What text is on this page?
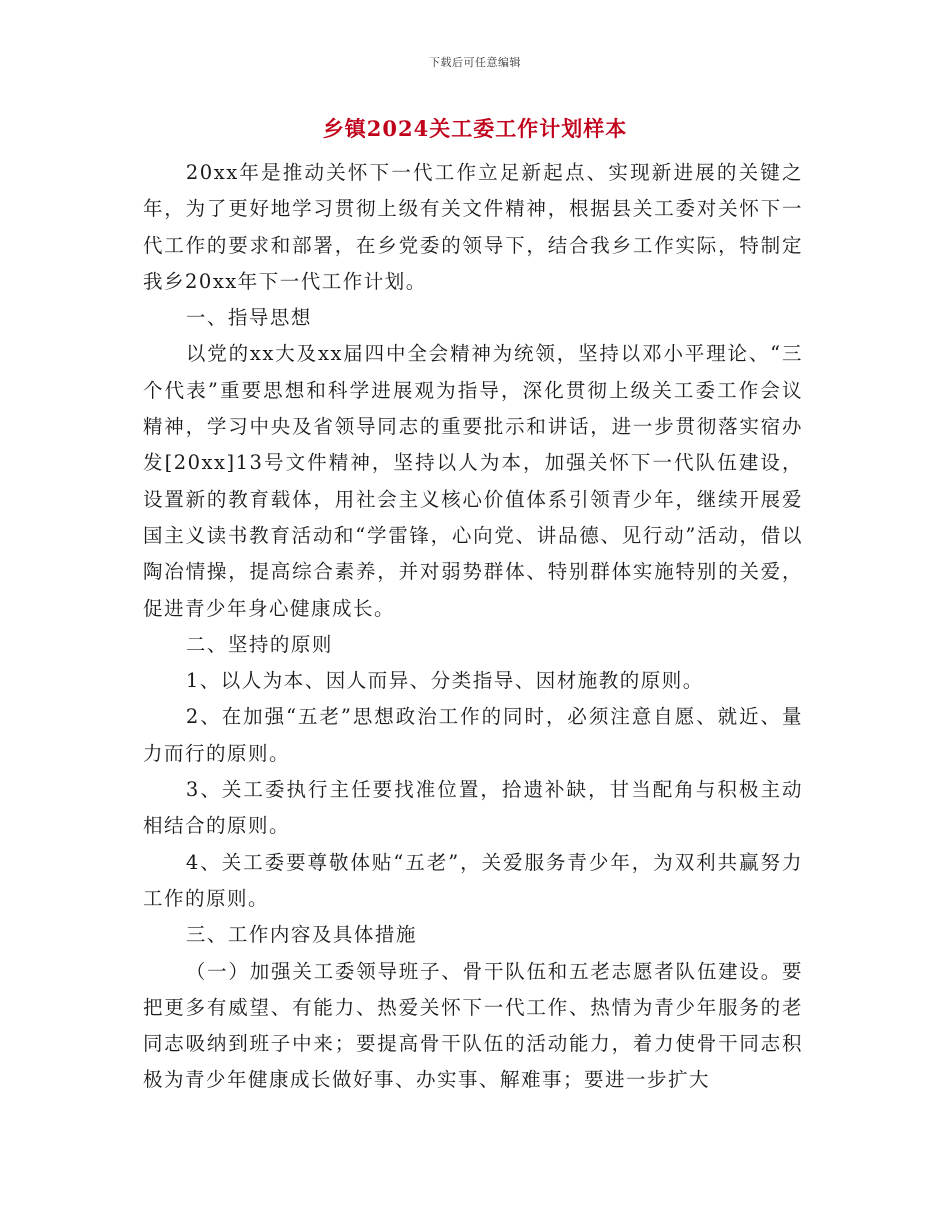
下载后可任意编辑
乡镇2024关工委工作计划样本

20xx年是推动关怀下一代工作立足新起点、实现新进展的关键之年，为了更好地学习贯彻上级有关文件精神，根据县关工委对关怀下一代工作的要求和部署，在乡党委的领导下，结合我乡工作实际，特制定我乡20xx年下一代工作计划。

一、指导思想

以党的xx大及xx届四中全会精神为统领，坚持以邓小平理论、“三个代表”重要思想和科学进展观为指导，深化贯彻上级关工委工作会议精神，学习中央及省领导同志的重要批示和讲话，进一步贯彻落实宿办发[20xx]13号文件精神，坚持以人为本，加强关怀下一代队伍建设，设置新的教育载体，用社会主义核心价值体系引领青少年，继续开展爱国主义读书教育活动和“学雷锋，心向党、讲品德、见行动”活动，借以陶冶情操，提高综合素养，并对弱势群体、特别群体实施特别的关爱，促进青少年身心健康成长。

二、坚持的原则

1、以人为本、因人而异、分类指导、因材施教的原则。

2、在加强“五老”思想政治工作的同时，必须注意自愿、就近、量力而行的原则。

3、关工委执行主任要找准位置，拾遗补缺，甘当配角与积极主动相结合的原则。

4、关工委要尊敬体贴“五老”，关爱服务青少年，为双利共赢努力工作的原则。

三、工作内容及具体措施

（一）加强关工委领导班子、骨干队伍和五老志愿者队伍建设。要把更多有威望、有能力、热爱关怀下一代工作、热情为青少年服务的老同志吸纳到班子中来；要提高骨干队伍的活动能力，着力使骨干同志积极为青少年健康成长做好事、办实事、解难事；要进一步扩大
